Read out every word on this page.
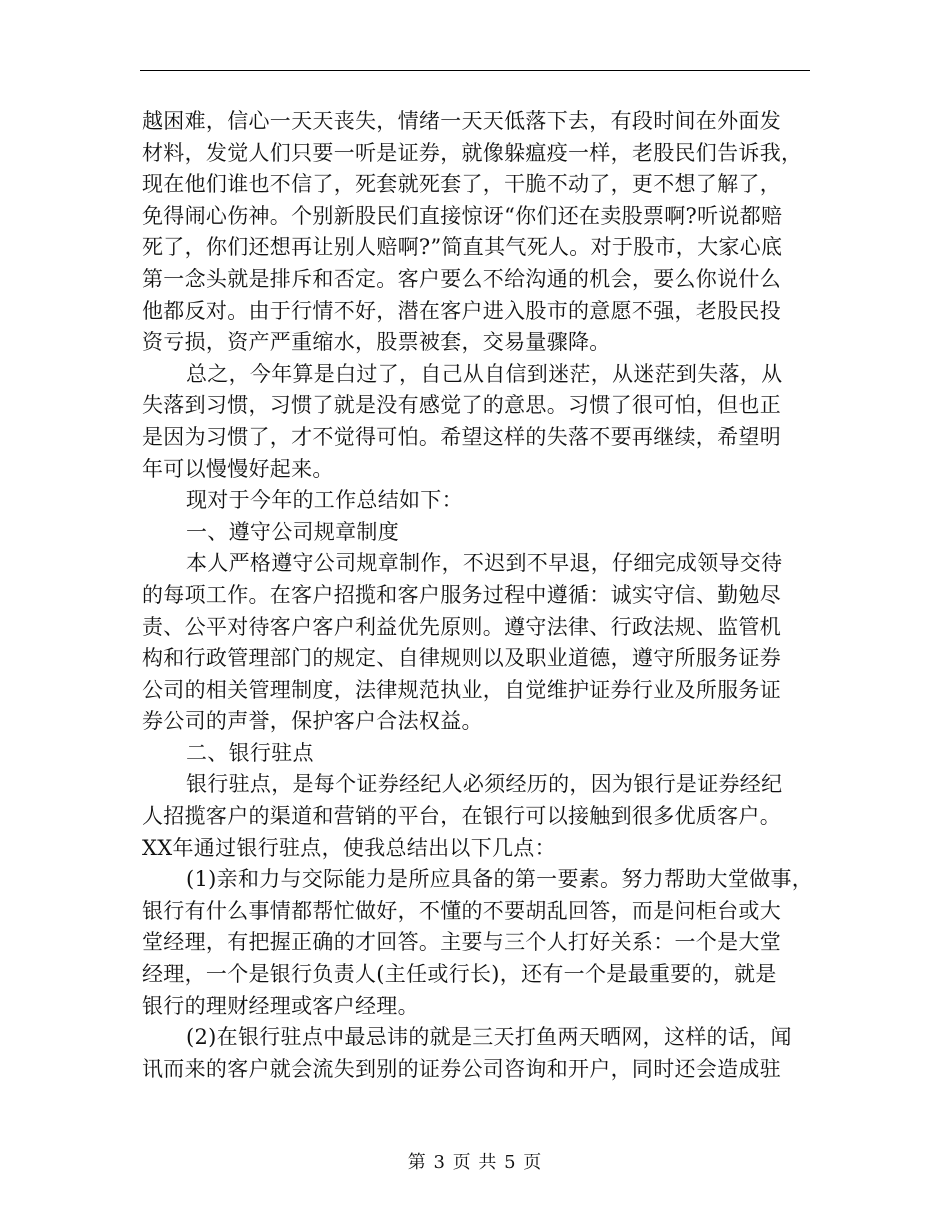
越困难，信心一天天丧失，情绪一天天低落下去，有段时间在外面发
材料，发觉人们只要一听是证券，就像躲瘟疫一样，老股民们告诉我，
现在他们谁也不信了，死套就死套了，干脆不动了，更不想了解了，
免得闹心伤神。个别新股民们直接惊讶“你们还在卖股票啊?听说都赔
死了，你们还想再让别人赔啊?”简直其气死人。对于股市，大家心底
第一念头就是排斥和否定。客户要么不给沟通的机会，要么你说什么
他都反对。由于行情不好，潜在客户进入股市的意愿不强，老股民投
资亏损，资产严重缩水，股票被套，交易量骤降。
总之，今年算是白过了，自己从自信到迷茫，从迷茫到失落，从
失落到习惯，习惯了就是没有感觉了的意思。习惯了很可怕，但也正
是因为习惯了，才不觉得可怕。希望这样的失落不要再继续，希望明
年可以慢慢好起来。
现对于今年的工作总结如下：
一、遵守公司规章制度
本人严格遵守公司规章制作，不迟到不早退，仔细完成领导交待
的每项工作。在客户招揽和客户服务过程中遵循：诚实守信、勤勉尽
责、公平对待客户客户利益优先原则。遵守法律、行政法规、监管机
构和行政管理部门的规定、自律规则以及职业道德，遵守所服务证券
公司的相关管理制度，法律规范执业，自觉维护证券行业及所服务证
券公司的声誉，保护客户合法权益。
二、银行驻点
银行驻点，是每个证券经纪人必须经历的，因为银行是证券经纪
人招揽客户的渠道和营销的平台，在银行可以接触到很多优质客户。
XX年通过银行驻点，使我总结出以下几点：
(1)亲和力与交际能力是所应具备的第一要素。努力帮助大堂做事，
银行有什么事情都帮忙做好，不懂的不要胡乱回答，而是问柜台或大
堂经理，有把握正确的才回答。主要与三个人打好关系：一个是大堂
经理，一个是银行负责人(主任或行长)，还有一个是最重要的，就是
银行的理财经理或客户经理。
(2)在银行驻点中最忌讳的就是三天打鱼两天晒网，这样的话，闻
讯而来的客户就会流失到别的证券公司咨询和开户，同时还会造成驻
第 3 页 共 5 页
